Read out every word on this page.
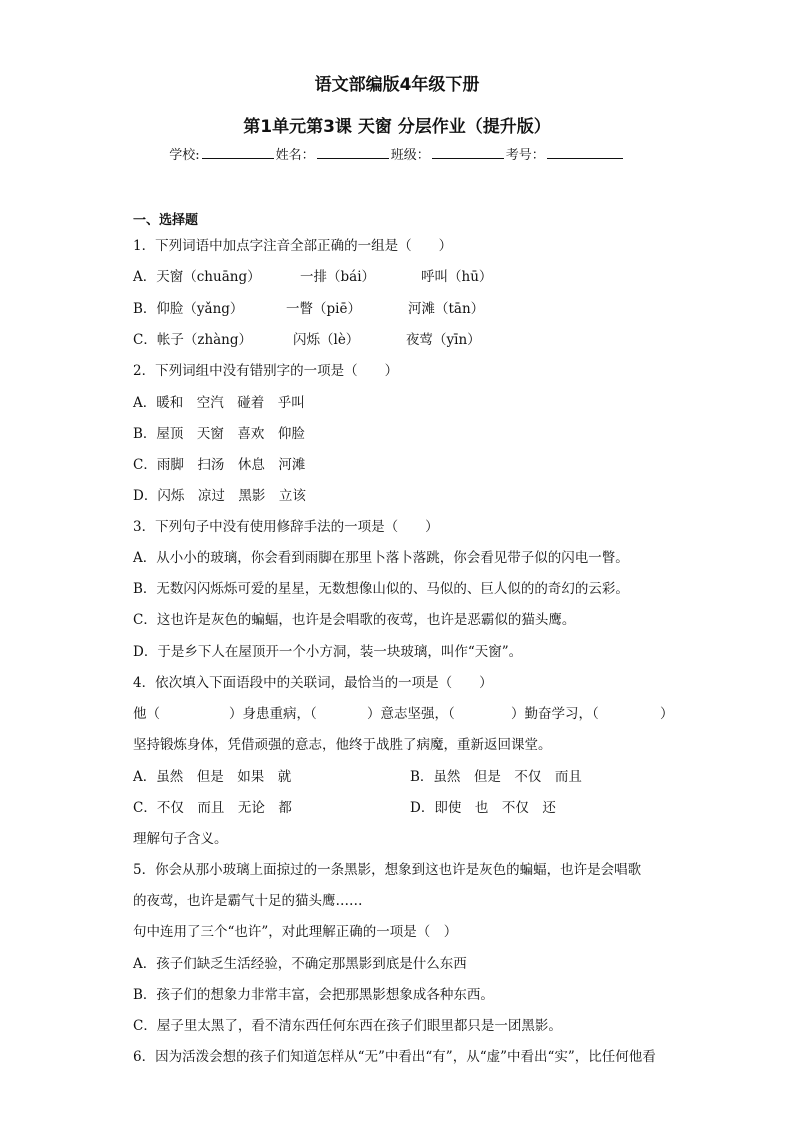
语文部编版4年级下册
第1单元第3课 天窗 分层作业（提升版）
学校:	姓名：	班级：	考号：
一、选择题
1．下列词语中加点字注音全部正确的一组是（　　）
A．天窗（chuāng）	一排（bái）	呼叫（hū）
B．仰脸（yǎng）	一瞥（piē）	河滩（tān）
C．帐子（zhàng）	闪烁（lè）	夜莺（yīn）
2．下列词组中没有错别字的一项是（　　）
A．暖和　空汽　碰着　乎叫
B．屋顶　天窗　喜欢　仰脸
C．雨脚　扫汤　休息　河滩
D．闪烁　凉过　黑影　立该
3．下列句子中没有使用修辞手法的一项是（　　）
A．从小小的玻璃，你会看到雨脚在那里卜落卜落跳，你会看见带子似的闪电一瞥。
B．无数闪闪烁烁可爱的星星，无数想像山似的、马似的、巨人似的的奇幻的云彩。
C．这也许是灰色的蝙蝠，也许是会唱歌的夜莺，也许是恶霸似的猫头鹰。
D．于是乡下人在屋顶开一个小方洞，装一块玻璃，叫作“天窗”。
4．依次填入下面语段中的关联词，最恰当的一项是（　　）
他（	）身患重病，（	）意志坚强，（	）勤奋学习，（	）
坚持锻炼身体，凭借顽强的意志，他终于战胜了病魔，重新返回课堂。
A．虽然　但是　如果　就	B．虽然　但是　不仅　而且
C．不仅　而且　无论　都	D．即使　也　不仅　还
理解句子含义。
5．你会从那小玻璃上面掠过的一条黑影，想象到这也许是灰色的蝙蝠，也许是会唱歌
的夜莺，也许是霸气十足的猫头鹰……
句中连用了三个“也许”，对此理解正确的一项是（　）
A．孩子们缺乏生活经验，不确定那黑影到底是什么东西
B．孩子们的想象力非常丰富，会把那黑影想象成各种东西。
C．屋子里太黑了，看不清东西任何东西在孩子们眼里都只是一团黑影。
6．因为活泼会想的孩子们知道怎样从“无”中看出“有”，从“虚”中看出“实”，比任何他看
